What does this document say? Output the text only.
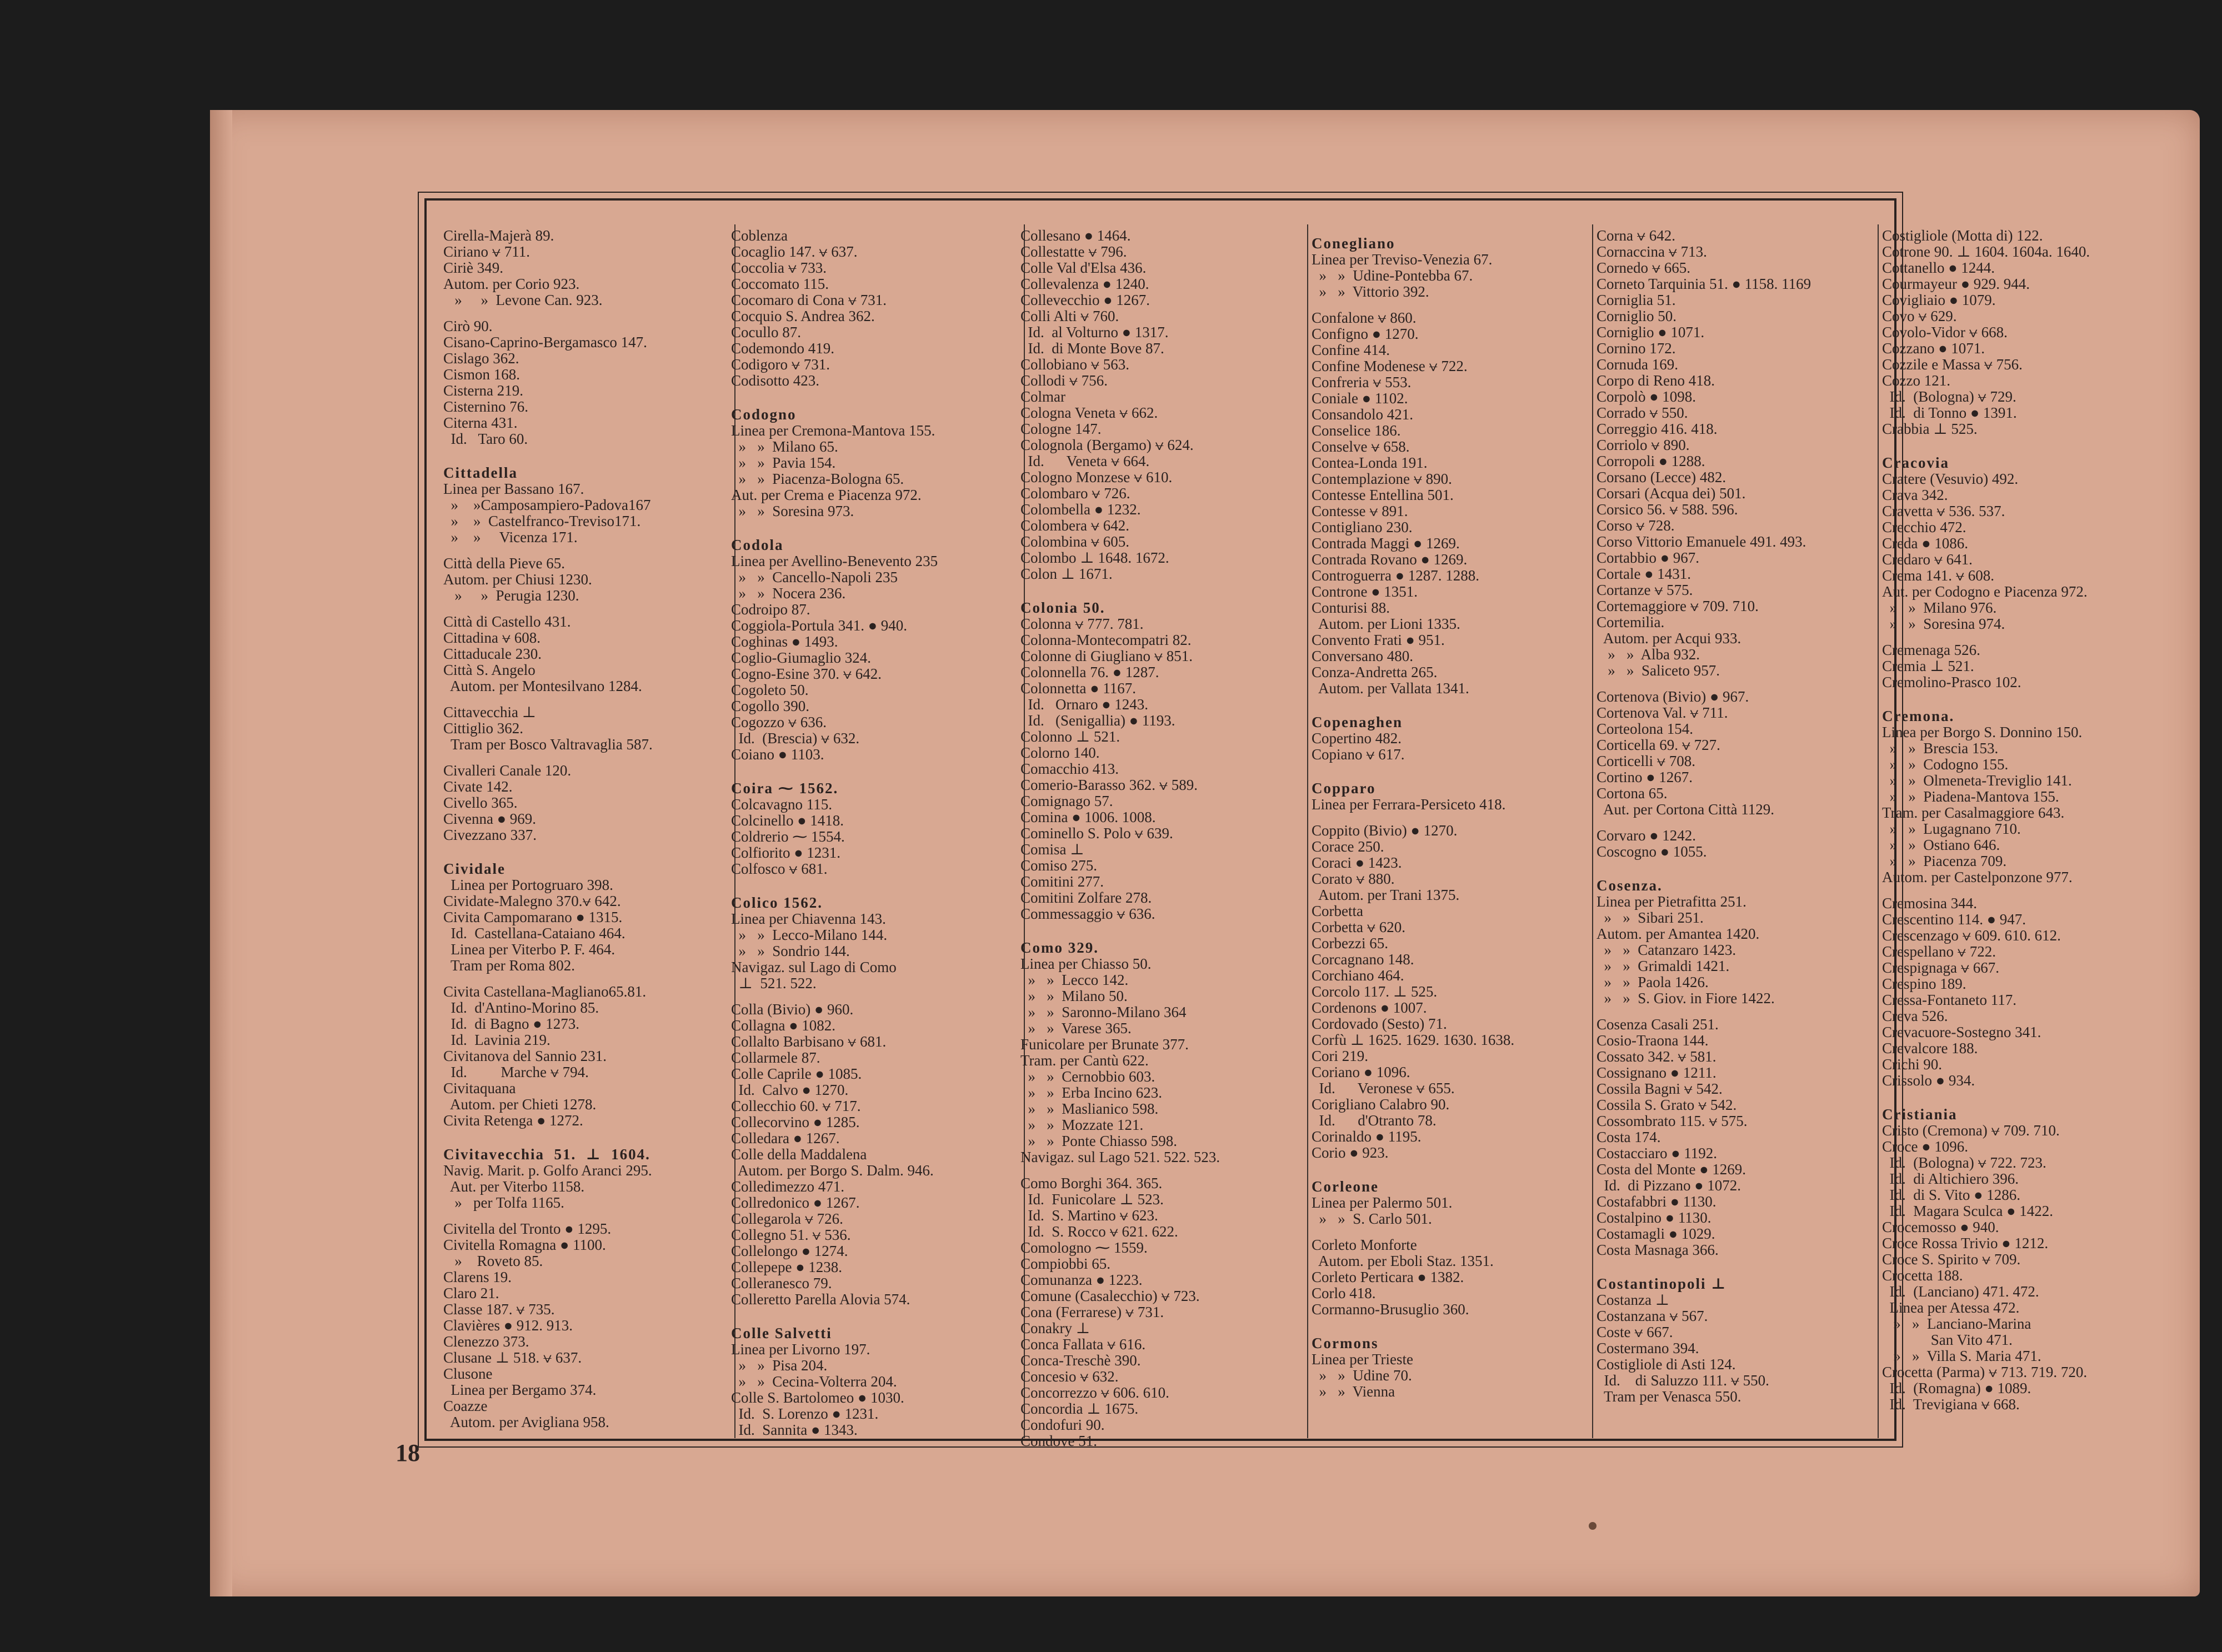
Cirella-Majerà 89.
Ciriano ⩝ 711.
Ciriè 349.
Autom. per Corio 923.
»     »  Levone Can. 923.
Cirò 90.
Cisano-Caprino-Bergamasco 147.
Cislago 362.
Cismon 168.
Cisterna 219.
Cisternino 76.
Citerna 431.
Id.   Taro 60.
Cittadella
Linea per Bassano 167.
»    »Camposampiero-Padova167
»    »  Castelfranco-Treviso171.
»    »     Vicenza 171.
Città della Pieve 65.
Autom. per Chiusi 1230.
»     »  Perugia 1230.
Città di Castello 431.
Cittadina ⩝ 608.
Cittaducale 230.
Città S. Angelo
Autom. per Montesilvano 1284.
Cittavecchia ⊥
Cittiglio 362.
Tram per Bosco Valtravaglia 587.
Civalleri Canale 120.
Civate 142.
Civello 365.
Civenna ● 969.
Civezzano 337.
Cividale
Linea per Portogruaro 398.
Cividate-Malegno 370.⩝ 642.
Civita Campomarano ● 1315.
Id.  Castellana-Cataiano 464.
Linea per Viterbo P. F. 464.
Tram per Roma 802.
Civita Castellana-Magliano65.81.
Id.  d'Antino-Morino 85.
Id.  di Bagno ● 1273.
Id.  Lavinia 219.
Civitanova del Sannio 231.
Id.         Marche ⩝ 794.
Civitaquana
Autom. per Chieti 1278.
Civita Retenga ● 1272.
Civitavecchia  51.  ⊥  1604.
Navig. Marit. p. Golfo Aranci 295.
Aut. per Viterbo 1158.
»   per Tolfa 1165.
Civitella del Tronto ● 1295.
Civitella Romagna ● 1100.
»    Roveto 85.
Clarens 19.
Claro 21.
Classe 187. ⩝ 735.
Clavières ● 912. 913.
Clenezzo 373.
Clusane ⊥ 518. ⩝ 637.
Clusone
Linea per Bergamo 374.
Coazze
Autom. per Avigliana 958.
Coblenza
Cocaglio 147. ⩝ 637.
Coccolia ⩝ 733.
Coccomato 115.
Cocomaro di Cona ⩝ 731.
Cocquio S. Andrea 362.
Cocullo 87.
Codemondo 419.
Codigoro ⩝ 731.
Codisotto 423.
Codogno
Linea per Cremona-Mantova 155.
»   »  Milano 65.
»   »  Pavia 154.
»   »  Piacenza-Bologna 65.
Aut. per Crema e Piacenza 972.
»   »  Soresina 973.
Codola
Linea per Avellino-Benevento 235
»   »  Cancello-Napoli 235
»   »  Nocera 236.
Codroipo 87.
Coggiola-Portula 341. ● 940.
Coghinas ● 1493.
Coglio-Giumaglio 324.
Cogno-Esine 370. ⩝ 642.
Cogoleto 50.
Cogollo 390.
Cogozzo ⩝ 636.
Id.  (Brescia) ⩝ 632.
Coiano ● 1103.
Coira ⁓ 1562.
Colcavagno 115.
Colcinello ● 1418.
Coldrerio ⁓ 1554.
Colfiorito ● 1231.
Colfosco ⩝ 681.
Colico 1562.
Linea per Chiavenna 143.
»   »  Lecco-Milano 144.
»   »  Sondrio 144.
Navigaz. sul Lago di Como
⊥  521. 522.
Colla (Bivio) ● 960.
Collagna ● 1082.
Collalto Barbisano ⩝ 681.
Collarmele 87.
Colle Caprile ● 1085.
Id.  Calvo ● 1270.
Collecchio 60. ⩝ 717.
Collecorvino ● 1285.
Colledara ● 1267.
Colle della Maddalena
Autom. per Borgo S. Dalm. 946.
Colledimezzo 471.
Collredonico ● 1267.
Collegarola ⩝ 726.
Collegno 51. ⩝ 536.
Collelongo ● 1274.
Collepepe ● 1238.
Colleranesco 79.
Colleretto Parella Alovia 574.
Colle Salvetti
Linea per Livorno 197.
»   »  Pisa 204.
»   »  Cecina-Volterra 204.
Colle S. Bartolomeo ● 1030.
Id.  S. Lorenzo ● 1231.
Id.  Sannita ● 1343.
Collesano ● 1464.
Collestatte ⩝ 796.
Colle Val d'Elsa 436.
Collevalenza ● 1240.
Collevecchio ● 1267.
Colli Alti ⩝ 760.
Id.  al Volturno ● 1317.
Id.  di Monte Bove 87.
Collobiano ⩝ 563.
Collodi ⩝ 756.
Colmar
Cologna Veneta ⩝ 662.
Cologne 147.
Colognola (Bergamo) ⩝ 624.
Id.      Veneta ⩝ 664.
Cologno Monzese ⩝ 610.
Colombaro ⩝ 726.
Colombella ● 1232.
Colombera ⩝ 642.
Colombina ⩝ 605.
Colombo ⊥ 1648. 1672.
Colon ⊥ 1671.
Colonia 50.
Colonna ⩝ 777. 781.
Colonna-Montecompatri 82.
Colonne di Giugliano ⩝ 851.
Colonnella 76. ● 1287.
Colonnetta ● 1167.
Id.   Ornaro ● 1243.
Id.   (Senigallia) ● 1193.
Colonno ⊥ 521.
Colorno 140.
Comacchio 413.
Comerio-Barasso 362. ⩝ 589.
Comignago 57.
Comina ● 1006. 1008.
Cominello S. Polo ⩝ 639.
Comisa ⊥
Comiso 275.
Comitini 277.
Comitini Zolfare 278.
Commessaggio ⩝ 636.
Como 329.
Linea per Chiasso 50.
»   »  Lecco 142.
»   »  Milano 50.
»   »  Saronno-Milano 364
»   »  Varese 365.
Funicolare per Brunate 377.
Tram. per Cantù 622.
»   »  Cernobbio 603.
»   »  Erba Incino 623.
»   »  Maslianico 598.
»   »  Mozzate 121.
»   »  Ponte Chiasso 598.
Navigaz. sul Lago 521. 522. 523.
Como Borghi 364. 365.
Id.  Funicolare ⊥ 523.
Id.  S. Martino ⩝ 623.
Id.  S. Rocco ⩝ 621. 622.
Comologno ⁓ 1559.
Compiobbi 65.
Comunanza ● 1223.
Comune (Casalecchio) ⩝ 723.
Cona (Ferrarese) ⩝ 731.
Conakry ⊥
Conca Fallata ⩝ 616.
Conca-Treschè 390.
Concesio ⩝ 632.
Concorrezzo ⩝ 606. 610.
Concordia ⊥ 1675.
Condofuri 90.
Condove 51.
Conegliano
Linea per Treviso-Venezia 67.
»   »  Udine-Pontebba 67.
»   »  Vittorio 392.
Confalone ⩝ 860.
Configno ● 1270.
Confine 414.
Confine Modenese ⩝ 722.
Confreria ⩝ 553.
Coniale ● 1102.
Consandolo 421.
Conselice 186.
Conselve ⩝ 658.
Contea-Londa 191.
Contemplazione ⩝ 890.
Contesse Entellina 501.
Contesse ⩝ 891.
Contigliano 230.
Contrada Maggi ● 1269.
Contrada Rovano ● 1269.
Controguerra ● 1287. 1288.
Controne ● 1351.
Conturisi 88.
Autom. per Lioni 1335.
Convento Frati ● 951.
Conversano 480.
Conza-Andretta 265.
Autom. per Vallata 1341.
Copenaghen
Copertino 482.
Copiano ⩝ 617.
Copparo
Linea per Ferrara-Persiceto 418.
Coppito (Bivio) ● 1270.
Corace 250.
Coraci ● 1423.
Corato ⩝ 880.
Autom. per Trani 1375.
Corbetta
Corbetta ⩝ 620.
Corbezzi 65.
Corcagnano 148.
Corchiano 464.
Corcolo 117. ⊥ 525.
Cordenons ● 1007.
Cordovado (Sesto) 71.
Corfù ⊥ 1625. 1629. 1630. 1638.
Cori 219.
Coriano ● 1096.
Id.      Veronese ⩝ 655.
Corigliano Calabro 90.
Id.      d'Otranto 78.
Corinaldo ● 1195.
Corio ● 923.
Corleone
Linea per Palermo 501.
»   »  S. Carlo 501.
Corleto Monforte
Autom. per Eboli Staz. 1351.
Corleto Perticara ● 1382.
Corlo 418.
Cormanno-Brusuglio 360.
Cormons
Linea per Trieste
»   »  Udine 70.
»   »  Vienna
Corna ⩝ 642.
Cornaccina ⩝ 713.
Cornedo ⩝ 665.
Corneto Tarquinia 51. ● 1158. 1169
Corniglia 51.
Corniglio 50.
Corniglio ● 1071.
Cornino 172.
Cornuda 169.
Corpo di Reno 418.
Corpolò ● 1098.
Corrado ⩝ 550.
Correggio 416. 418.
Corriolo ⩝ 890.
Corropoli ● 1288.
Corsano (Lecce) 482.
Corsari (Acqua dei) 501.
Corsico 56. ⩝ 588. 596.
Corso ⩝ 728.
Corso Vittorio Emanuele 491. 493.
Cortabbio ● 967.
Cortale ● 1431.
Cortanze ⩝ 575.
Cortemaggiore ⩝ 709. 710.
Cortemilia.
Autom. per Acqui 933.
»   »  Alba 932.
»   »  Saliceto 957.
Cortenova (Bivio) ● 967.
Cortenova Val. ⩝ 711.
Corteolona 154.
Corticella 69. ⩝ 727.
Corticelli ⩝ 708.
Cortino ● 1267.
Cortona 65.
Aut. per Cortona Città 1129.
Corvaro ● 1242.
Coscogno ● 1055.
Cosenza.
Linea per Pietrafitta 251.
»   »  Sibari 251.
Autom. per Amantea 1420.
»   »  Catanzaro 1423.
»   »  Grimaldi 1421.
»   »  Paola 1426.
»   »  S. Giov. in Fiore 1422.
Cosenza Casali 251.
Cosio-Traona 144.
Cossato 342. ⩝ 581.
Cossignano ● 1211.
Cossila Bagni ⩝ 542.
Cossila S. Grato ⩝ 542.
Cossombrato 115. ⩝ 575.
Costa 174.
Costacciaro ● 1192.
Costa del Monte ● 1269.
Id.  di Pizzano ● 1072.
Costafabbri ● 1130.
Costalpino ● 1130.
Costamagli ● 1029.
Costa Masnaga 366.
Costantinopoli ⊥
Costanza ⊥
Costanzana ⩝ 567.
Coste ⩝ 667.
Costermano 394.
Costigliole di Asti 124.
Id.    di Saluzzo 111. ⩝ 550.
Tram per Venasca 550.
Costigliole (Motta di) 122.
Cotrone 90. ⊥ 1604. 1604a. 1640.
Cottanello ● 1244.
Courmayeur ● 929. 944.
Covigliaio ● 1079.
Covo ⩝ 629.
Covolo-Vidor ⩝ 668.
Cozzano ● 1071.
Cozzile e Massa ⩝ 756.
Cozzo 121.
Id.  (Bologna) ⩝ 729.
Id.  di Tonno ● 1391.
Crabbia ⊥ 525.
Cracovia
Cratere (Vesuvio) 492.
Crava 342.
Cravetta ⩝ 536. 537.
Crecchio 472.
Creda ● 1086.
Credaro ⩝ 641.
Crema 141. ⩝ 608.
Aut. per Codogno e Piacenza 972.
»   »  Milano 976.
»   »  Soresina 974.
Cremenaga 526.
Cremia ⊥ 521.
Cremolino-Prasco 102.
Cremona.
Linea per Borgo S. Donnino 150.
»   »  Brescia 153.
»   »  Codogno 155.
»   »  Olmeneta-Treviglio 141.
»   »  Piadena-Mantova 155.
Tram. per Casalmaggiore 643.
»   »  Lugagnano 710.
»   »  Ostiano 646.
»   »  Piacenza 709.
Autom. per Castelponzone 977.
Cremosina 344.
Crescentino 114. ● 947.
Crescenzago ⩝ 609. 610. 612.
Crespellano ⩝ 722.
Crespignaga ⩝ 667.
Crespino 189.
Cressa-Fontaneto 117.
Creva 526.
Crevacuore-Sostegno 341.
Crevalcore 188.
Crichi 90.
Crissolo ● 934.
Cristiania
Cristo (Cremona) ⩝ 709. 710.
Croce ● 1096.
Id.  (Bologna) ⩝ 722. 723.
Id.  di Altichiero 396.
Id.  di S. Vito ● 1286.
Id.  Magara Sculca ● 1422.
Crocemosso ● 940.
Croce Rossa Trivio ● 1212.
Croce S. Spirito ⩝ 709.
Crocetta 188.
Id.  (Lanciano) 471. 472.
Linea per Atessa 472.
»   »  Lanciano-Marina
San Vito 471.
»   »  Villa S. Maria 471.
Crocetta (Parma) ⩝ 713. 719. 720.
Id.  (Romagna) ● 1089.
Id.  Trevigiana ⩝ 668.
18
